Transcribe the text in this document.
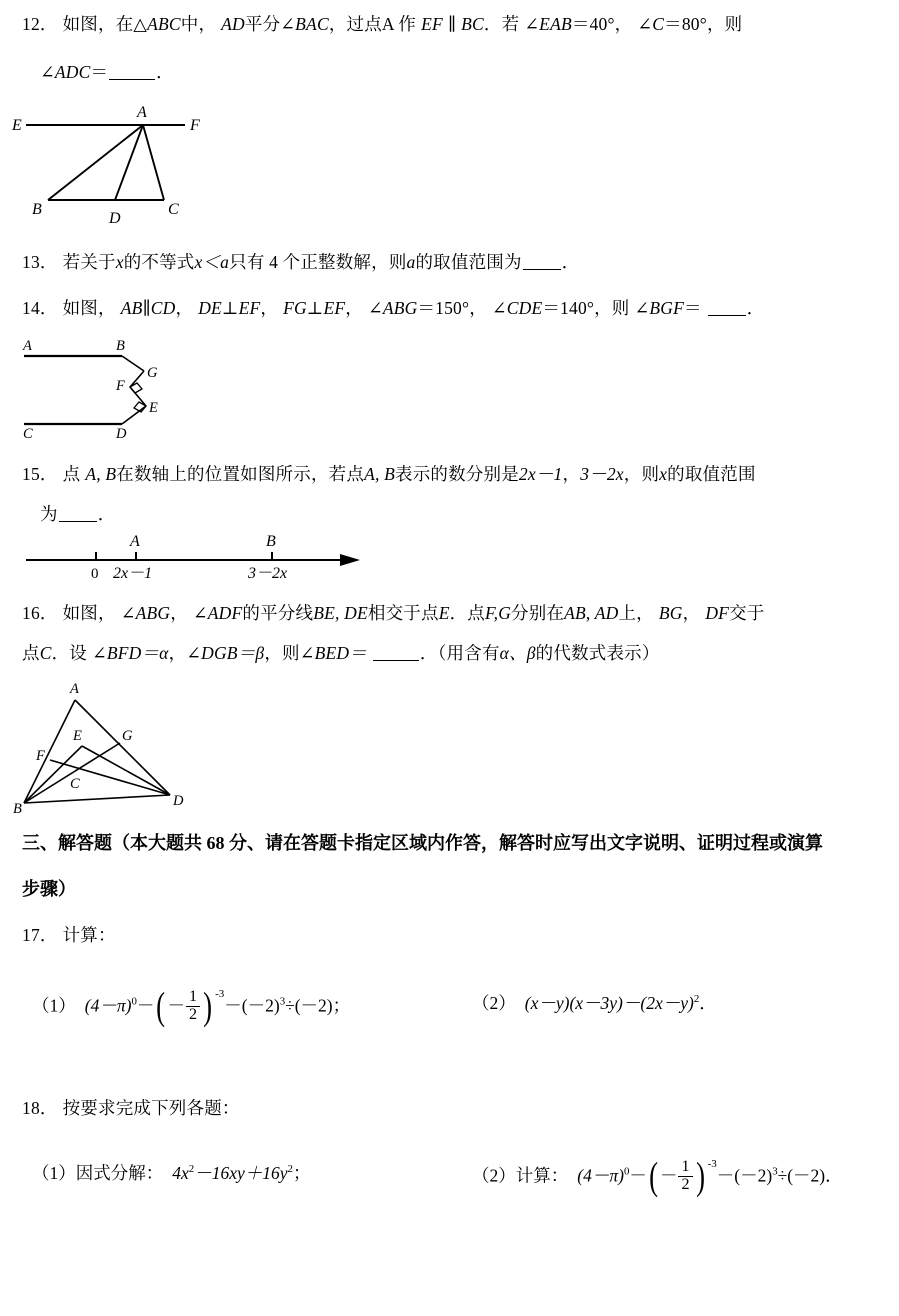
12． 如图，在△ABC中， AD平分∠BAC，过点A 作 EF ∥ BC．若 ∠EAB＝40°， ∠C＝80°，则
∠ADC＝	．
E
A
F
B
D
C
13． 若关于x的不等式x＜a只有 4 个正整数解，则a的取值范围为 ．
14． 如图， AB∥CD， DE⊥EF， FG⊥EF， ∠ABG＝150°， ∠CDE＝140°，则 ∠BGF＝	．
A	B
G
F
E
C	D
15． 点 A, B在数轴上的位置如图所示，若点A, B表示的数分别是2x－1，3－2x，则x的取值范围
为 ．
A	B
0 2x－1	3－2x
16． 如图， ∠ABG， ∠ADF的平分线BE, DE相交于点E．点F,G分别在AB, AD上， BG， DF交于
点C．设 ∠BFD＝α，∠DGB＝β，则∠BED＝	．（用含有α、β的代数式表示）
A
E	G
F
C
B	D
三、解答题（本大题共 68 分、请在答题卡指定区域内作答，解答时应写出文字说明、证明过程或演算
步骤）
17． 计算：
（1） $(4-\pi)^0-( - \frac{1}{2}$ ) $^{-3}-(-2)^3\div(-2)$；	（2） $(x-y)(x-3y)-(2x-y)^2$．
18． 按要求完成下列各题：
（1）因式分解： $4x^2-16xy+16y^2$；	（2）计算： $(4-\pi)^0-( - \frac{1}{2}$ ) $^{-3}-(-2)^3\div(-2)$．
